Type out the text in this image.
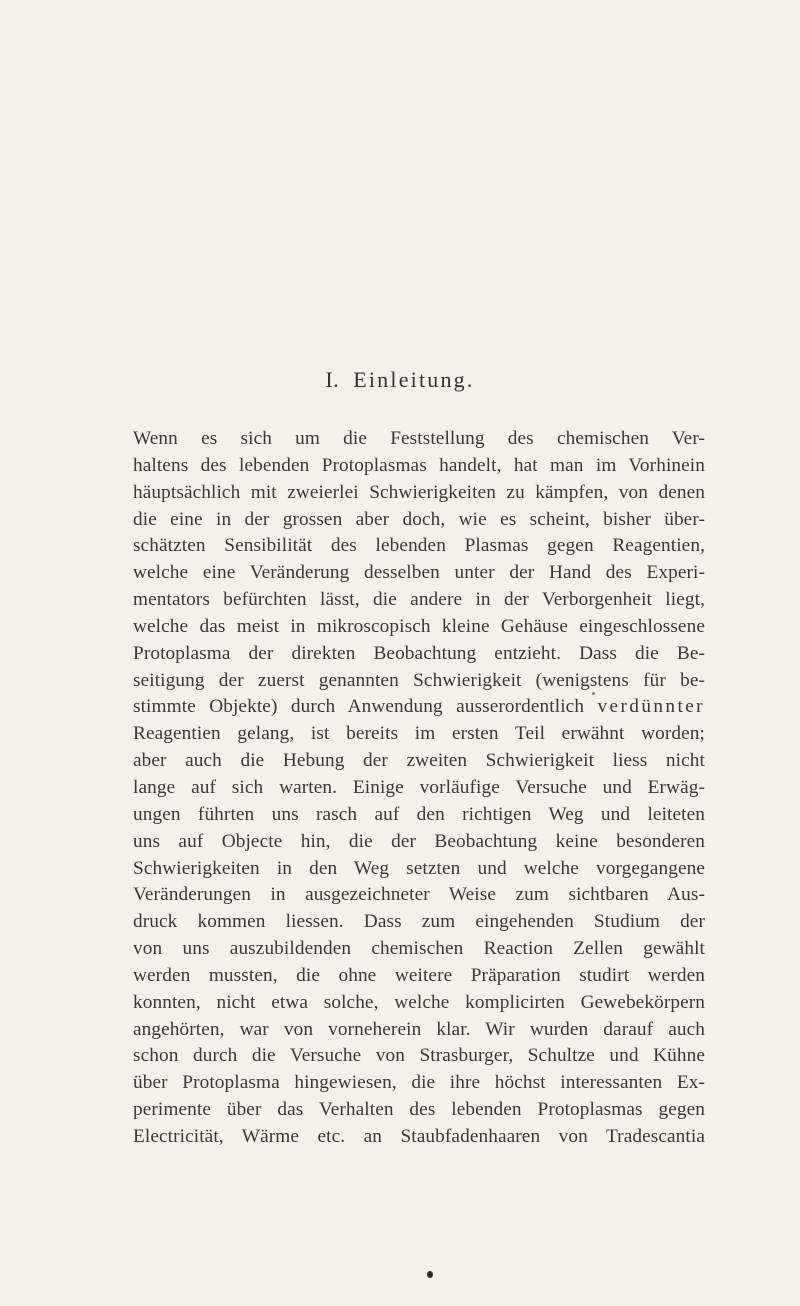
I. Einleitung.
Wenn es sich um die Feststellung des chemischen Ver-
haltens des lebenden Protoplasmas handelt, hat man im Vorhinein
häuptsächlich mit zweierlei Schwierigkeiten zu kämpfen, von denen
die eine in der grossen aber doch, wie es scheint, bisher über-
schätzten Sensibilität des lebenden Plasmas gegen Reagentien,
welche eine Veränderung desselben unter der Hand des Experi-
mentators befürchten lässt, die andere in der Verborgenheit liegt,
welche das meist in mikroscopisch kleine Gehäuse eingeschlossene
Protoplasma der direkten Beobachtung entzieht. Dass die Be-
seitigung der zuerst genannten Schwierigkeit (wenigstens für be-
stimmte Objekte) durch Anwendung ausserordentlich verdünnter
Reagentien gelang, ist bereits im ersten Teil erwähnt worden;
aber auch die Hebung der zweiten Schwierigkeit liess nicht
lange auf sich warten. Einige vorläufige Versuche und Erwäg-
ungen führten uns rasch auf den richtigen Weg und leiteten
uns auf Objecte hin, die der Beobachtung keine besonderen
Schwierigkeiten in den Weg setzten und welche vorgegangene
Veränderungen in ausgezeichneter Weise zum sichtbaren Aus-
druck kommen liessen. Dass zum eingehenden Studium der
von uns auszubildenden chemischen Reaction Zellen gewählt
werden mussten, die ohne weitere Präparation studirt werden
konnten, nicht etwa solche, welche komplicirten Gewebekörpern
angehörten, war von vorneherein klar. Wir wurden darauf auch
schon durch die Versuche von Strasburger, Schultze und Kühne
über Protoplasma hingewiesen, die ihre höchst interessanten Ex-
perimente über das Verhalten des lebenden Protoplasmas gegen
Electricität, Wärme etc. an Staubfadenhaaren von Tradescantia
